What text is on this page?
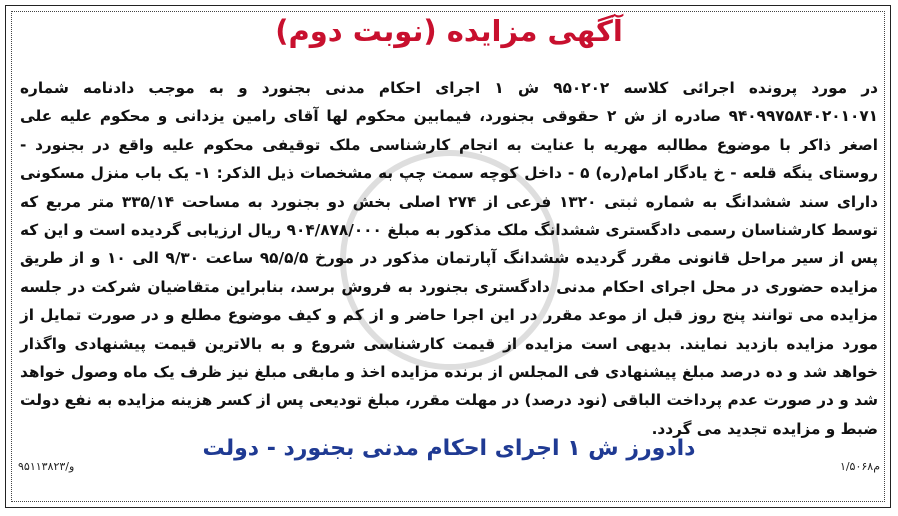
آگهی مزایده (نوبت دوم)

در مورد پرونده اجرائی کلاسه ۹۵۰۲۰۲ ش ۱ اجرای احکام مدنی بجنورد و به موجب دادنامه شماره ۹۴۰۹۹۷۵۸۴۰۲۰۱۰۷۱ صادره از ش ۲ حقوقی بجنورد، فیمابین محکوم لها آقای رامین یزدانی و محکوم علیه علی اصغر ذاکر با موضوع مطالبه مهریه با عنایت به انجام کارشناسی ملک توقیفی محکوم علیه واقع در بجنورد - روستای ینگه قلعه - خ یادگار امام(ره) ۵ - داخل کوچه سمت چپ به مشخصات ذیل الذکر: ۱- یک باب منزل مسکونی دارای سند ششدانگ به شماره ثبتی ۱۳۲۰ فرعی از ۲۷۴ اصلی بخش دو بجنورد به مساحت ۳۳۵/۱۴ متر مربع که توسط کارشناسان رسمی دادگستری ششدانگ ملک مذکور به مبلغ ۹۰۴/۸۷۸/۰۰۰ ریال ارزیابی گردیده است و این که پس از سیر مراحل قانونی مقرر گردیده ششدانگ آپارتمان مذکور در مورخ ۹۵/۵/۵ ساعت ۹/۳۰ الی ۱۰ و از طریق مزایده حضوری در محل اجرای احکام مدنی دادگستری بجنورد به فروش برسد، بنابراین متقاضیان شرکت در جلسه مزایده می توانند پنج روز قبل از موعد مقرر در این اجرا حاضر و از کم و کیف موضوع مطلع و در صورت تمایل از مورد مزایده بازدید نمایند. بدیهی است مزایده از قیمت کارشناسی شروع و به بالاترین قیمت پیشنهادی واگذار خواهد شد و ده درصد مبلغ پیشنهادی فی المجلس از برنده مزایده اخذ و مابقی مبلغ نیز ظرف یک ماه وصول خواهد شد و در صورت عدم پرداخت الباقی (نود درصد) در مهلت مقرر، مبلغ تودیعی پس از کسر هزینه مزایده به نفع دولت ضبط و مزایده تجدید می گردد.

دادورز ش ۱ اجرای احکام مدنی بجنورد - دولت
م۱/۵۰۶۸
و/۹۵۱۱۳۸۲۳
